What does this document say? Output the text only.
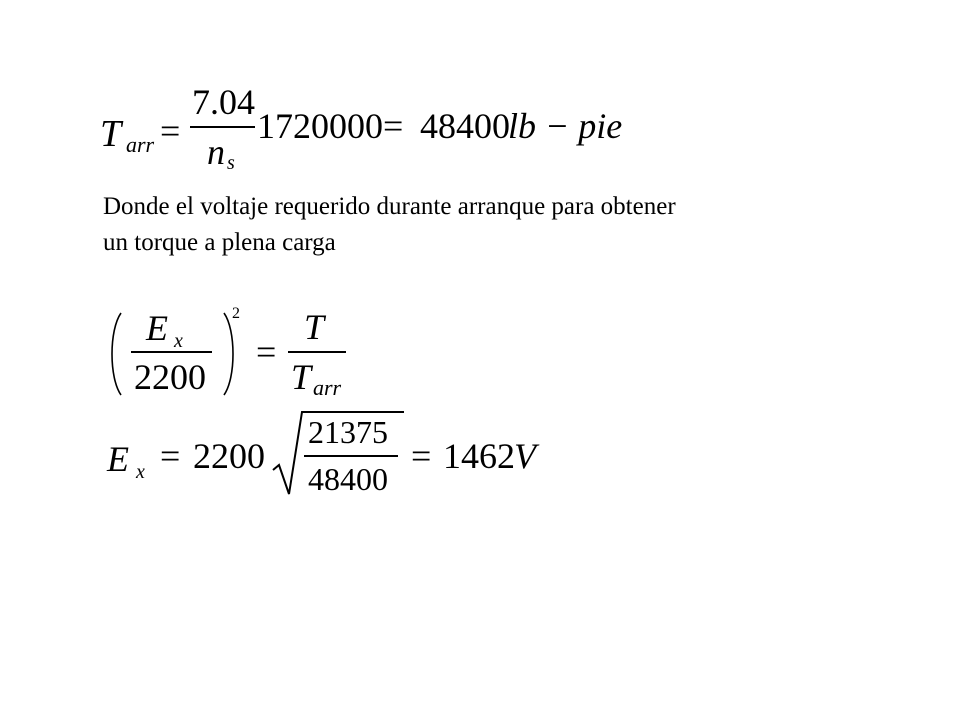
T arr =
7.04
n s
1720000 = 48400
lb − pie
E x
2200
2
=
T
T arr
E x = 2200
21375
48400
= 1462 V

Donde el voltaje requerido durante arranque para obtener
un torque a plena carga
